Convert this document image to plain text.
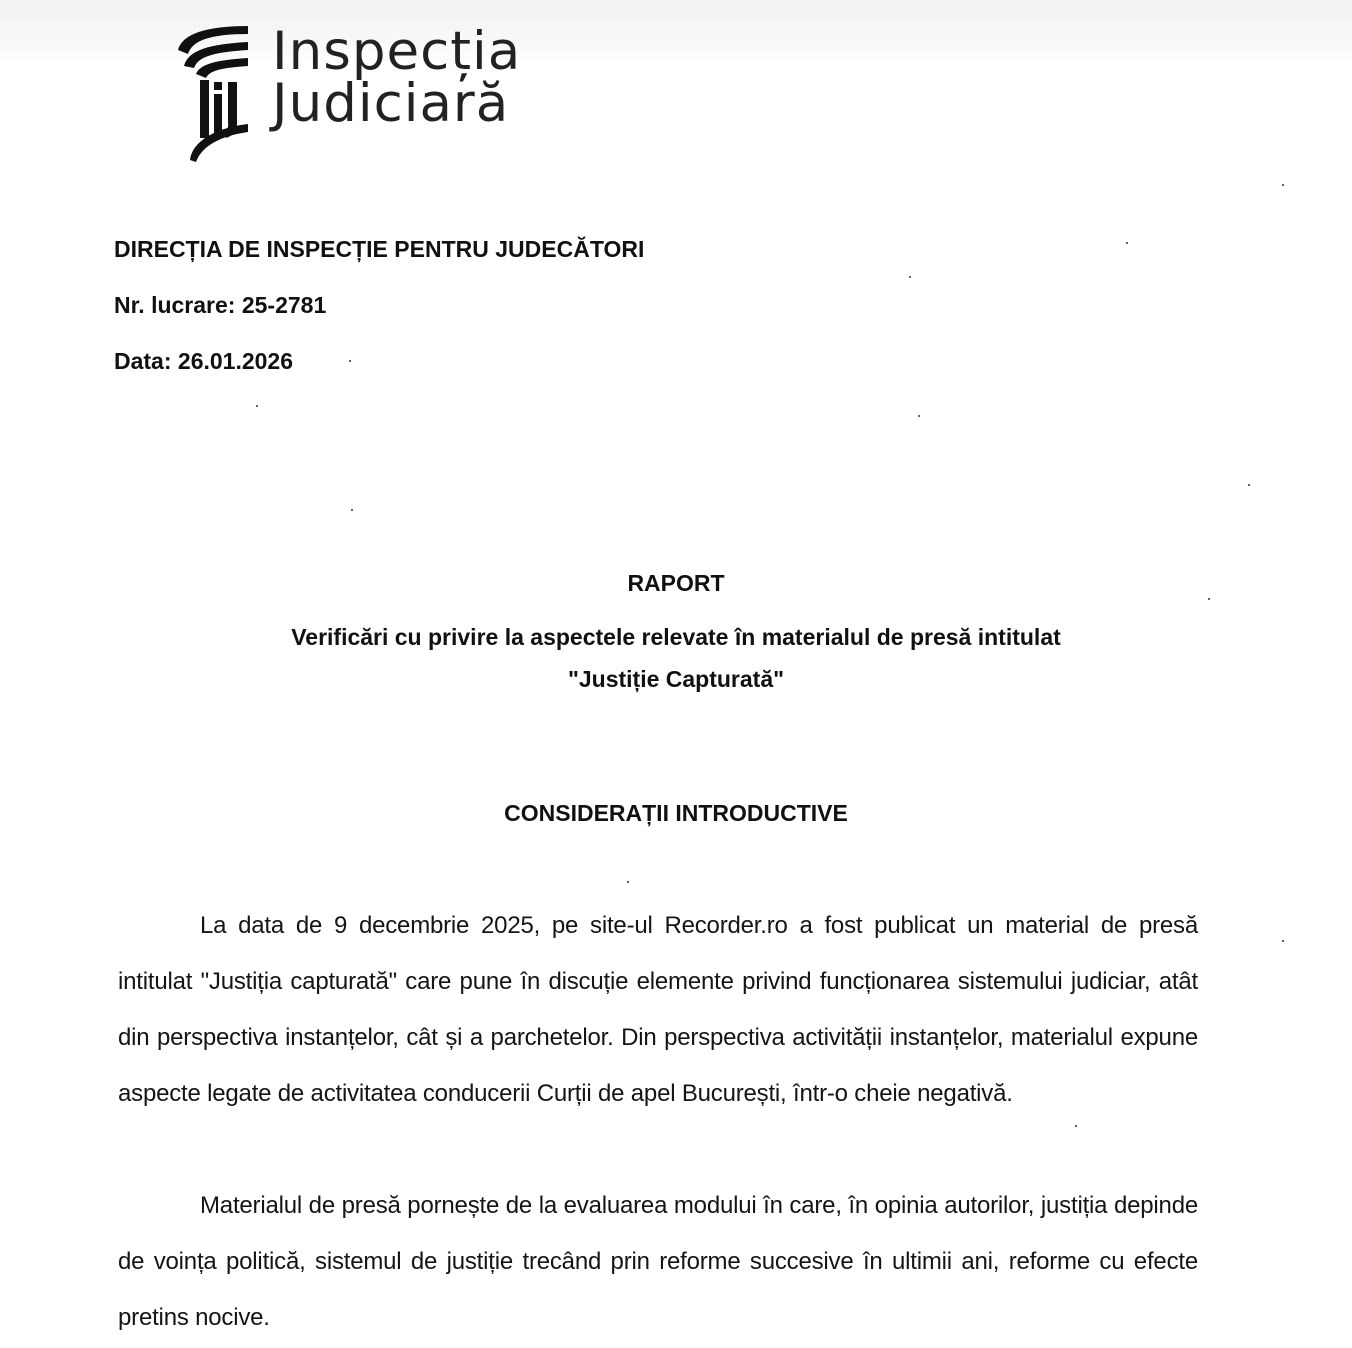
Inspecția
Judiciară
DIRECȚIA DE INSPECȚIE PENTRU JUDECĂTORI
Nr. lucrare: 25-2781
Data: 26.01.2026
RAPORT
Verificări cu privire la aspectele relevate în materialul de presă intitulat
"Justiție Capturată"
CONSIDERAȚII INTRODUCTIVE
La data de 9 decembrie 2025, pe site-ul Recorder.ro a fost publicat un material de presă intitulat "Justiția capturată" care pune în discuție elemente privind funcționarea sistemului judiciar, atât din perspectiva instanțelor, cât și a parchetelor. Din perspectiva activității instanțelor, materialul expune aspecte legate de activitatea conducerii Curții de apel București, într-o cheie negativă.
Materialul de presă pornește de la evaluarea modului în care, în opinia autorilor, justiția depinde de voința politică, sistemul de justiție trecând prin reforme succesive în ultimii ani, reforme cu efecte pretins nocive.
